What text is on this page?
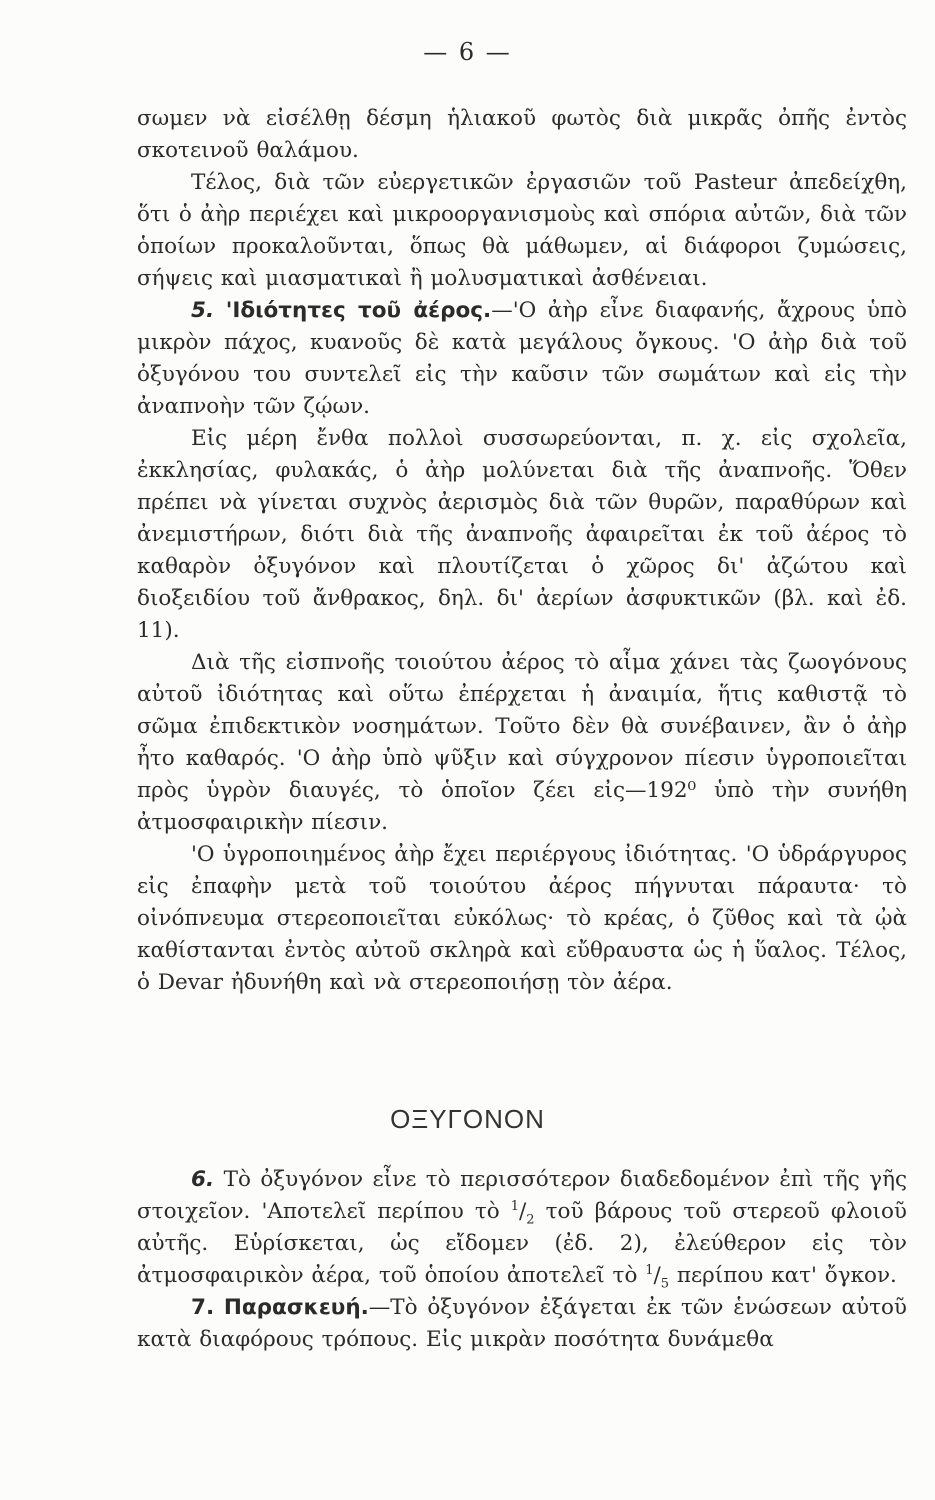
— 6 —

σωμεν νὰ εἰσέλθῃ δέσμη ἡλιακοῦ φωτὸς διὰ μικρᾶς ὀπῆς ἐντὸς σκοτεινοῦ θαλάμου.

Τέλος, διὰ τῶν εὐεργετικῶν ἐργασιῶν τοῦ Pasteur ἀπεδείχθη, ὅτι ὁ ἀὴρ περιέχει καὶ μικροοργανισμοὺς καὶ σπόρια αὐτῶν, διὰ τῶν ὁποίων προκαλοῦνται, ὅπως θὰ μάθωμεν, αἱ διάφοροι ζυμώσεις, σήψεις καὶ μιασματικαὶ ἢ μολυσματικαὶ ἀσθένειαι.

5. 'Ιδιότητες τοῦ ἀέρος.—'Ο ἀὴρ εἶνε διαφανής, ἄχρους ὑπὸ μικρὸν πάχος, κυανοῦς δὲ κατὰ μεγάλους ὄγκους. 'Ο ἀὴρ διὰ τοῦ ὀξυγόνου του συντελεῖ εἰς τὴν καῦσιν τῶν σωμάτων καὶ εἰς τὴν ἀναπνοὴν τῶν ζῴων.

Εἰς μέρη ἔνθα πολλοὶ συσσωρεύονται, π. χ. εἰς σχολεῖα, ἐκκλησίας, φυλακάς, ὁ ἀὴρ μολύνεται διὰ τῆς ἀναπνοῆς. Ὅθεν πρέπει νὰ γίνεται συχνὸς ἀερισμὸς διὰ τῶν θυρῶν, παραθύρων καὶ ἀνεμιστήρων, διότι διὰ τῆς ἀναπνοῆς ἀφαιρεῖται ἐκ τοῦ ἀέρος τὸ καθαρὸν ὀξυγόνον καὶ πλουτίζεται ὁ χῶρος δι' ἀζώτου καὶ διοξειδίου τοῦ ἄνθρακος, δηλ. δι' ἀερίων ἀσφυκτικῶν (βλ. καὶ ἐδ. 11).

Διὰ τῆς εἰσπνοῆς τοιούτου ἀέρος τὸ αἷμα χάνει τὰς ζωογόνους αὐτοῦ ἰδιότητας καὶ οὕτω ἐπέρχεται ἡ ἀναιμία, ἥτις καθιστᾷ τὸ σῶμα ἐπιδεκτικὸν νοσημάτων. Τοῦτο δὲν θὰ συνέβαινεν, ἂν ὁ ἀὴρ ἦτο καθαρός. 'Ο ἀὴρ ὑπὸ ψῦξιν καὶ σύγχρονον πίεσιν ὑγροποιεῖται πρὸς ὑγρὸν διαυγές, τὸ ὁποῖον ζέει εἰς—192⁰ ὑπὸ τὴν συνήθη ἀτμοσφαιρικὴν πίεσιν.

'Ο ὑγροποιημένος ἀὴρ ἔχει περιέργους ἰδιότητας. 'Ο ὑδράργυρος εἰς ἐπαφὴν μετὰ τοῦ τοιούτου ἀέρος πήγνυται πάραυτα· τὸ οἰνόπνευμα στερεοποιεῖται εὐκόλως· τὸ κρέας, ὁ ζῦθος καὶ τὰ ᾠὰ καθίστανται ἐντὸς αὐτοῦ σκληρὰ καὶ εὔθραυστα ὡς ἡ ὕαλος. Τέλος, ὁ Devar ἠδυνήθη καὶ νὰ στερεοποιήσῃ τὸν ἀέρα.

ΟΞΥΓΟΝΟΝ

6. Τὸ ὀξυγόνον εἶνε τὸ περισσότερον διαδεδομένον ἐπὶ τῆς γῆς στοιχεῖον. 'Αποτελεῖ περίπου τὸ $^1/_2$ τοῦ βάρους τοῦ στερεοῦ φλοιοῦ αὐτῆς. Εὑρίσκεται, ὡς εἴδομεν (ἐδ. 2), ἐλεύθερον εἰς τὸν ἀτμοσφαιρικὸν ἀέρα, τοῦ ὁποίου ἀποτελεῖ τὸ $^1/_5$ περίπου κατ' ὄγκον.

7. Παρασκευή.—Τὸ ὀξυγόνον ἐξάγεται ἐκ τῶν ἑνώσεων αὐτοῦ κατὰ διαφόρους τρόπους. Εἰς μικρὰν ποσότητα δυνάμεθα
